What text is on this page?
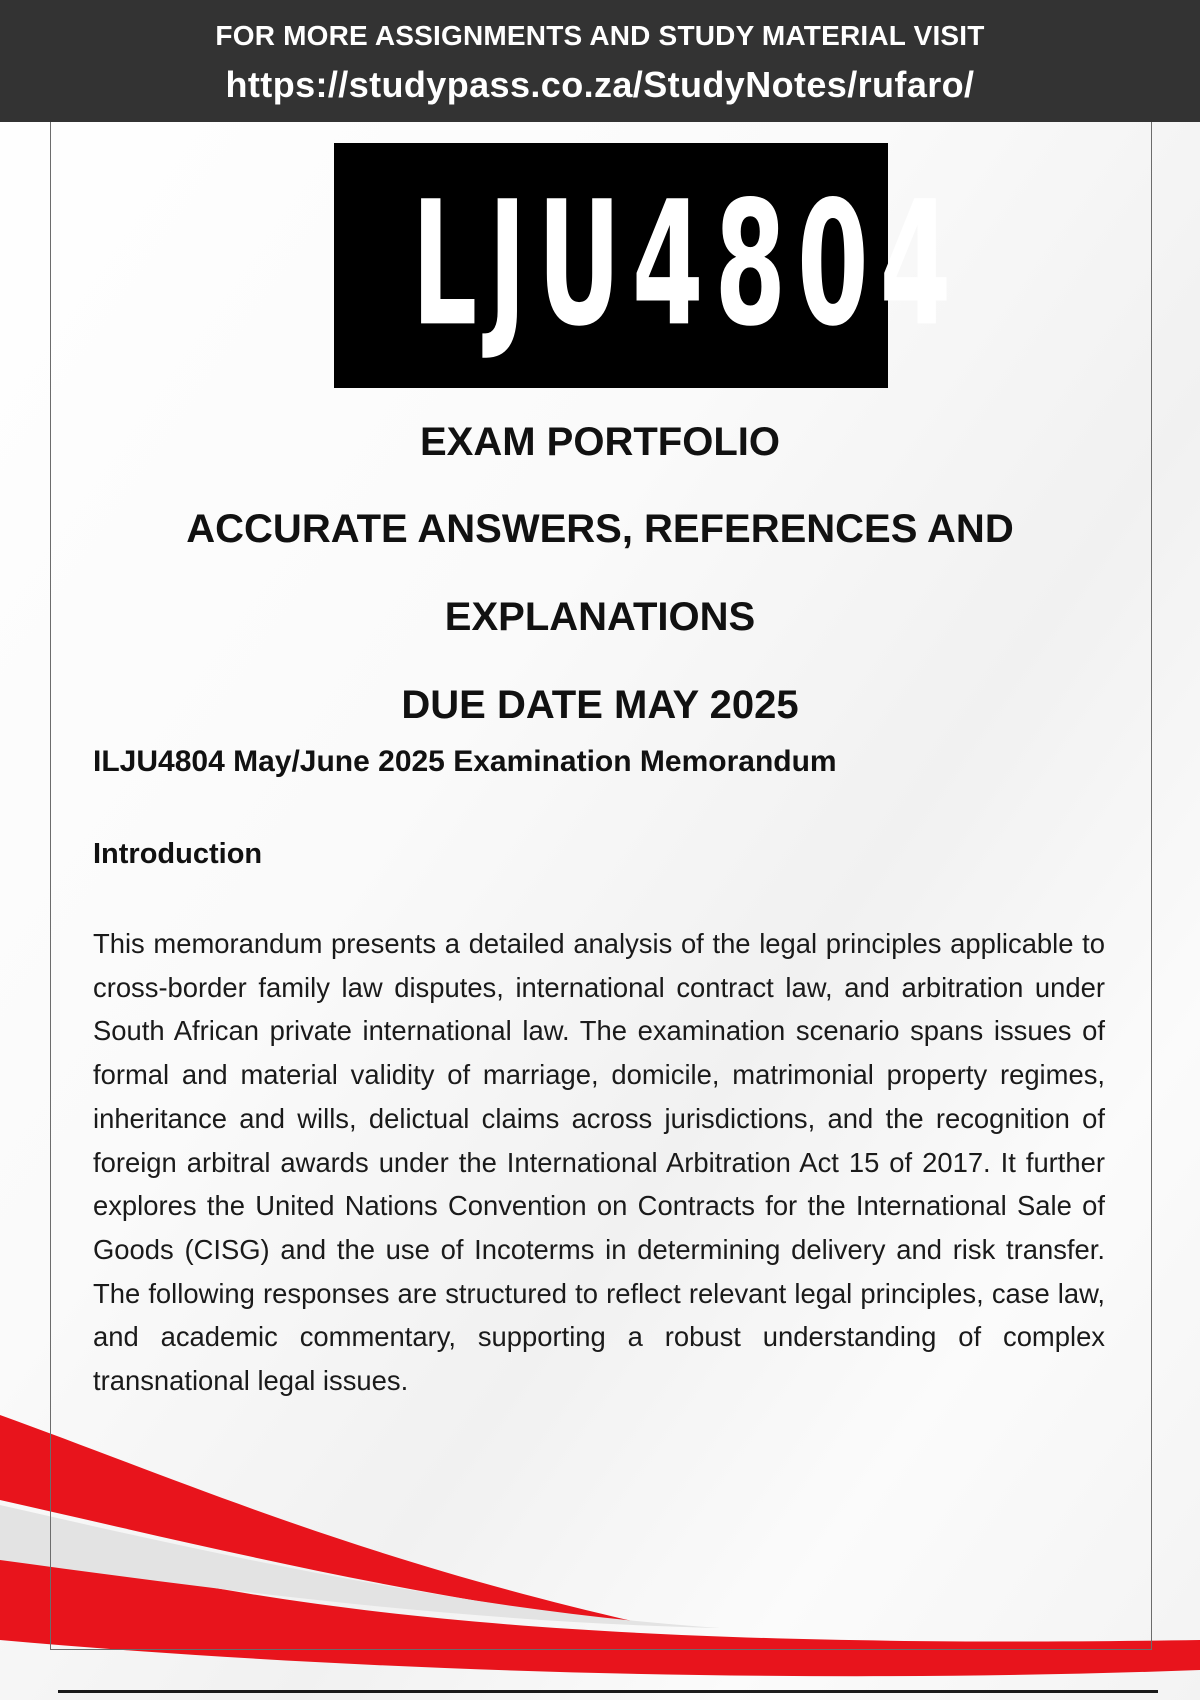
FOR MORE ASSIGNMENTS AND STUDY MATERIAL VISIT
https://studypass.co.za/StudyNotes/rufaro/
LJU4804
EXAM PORTFOLIO
ACCURATE ANSWERS, REFERENCES AND
EXPLANATIONS
DUE DATE MAY 2025
ILJU4804 May/June 2025 Examination Memorandum
Introduction
This memorandum presents a detailed analysis of the legal principles applicable to cross-border family law disputes, international contract law, and arbitration under South African private international law. The examination scenario spans issues of formal and material validity of marriage, domicile, matrimonial property regimes, inheritance and wills, delictual claims across jurisdictions, and the recognition of foreign arbitral awards under the International Arbitration Act 15 of 2017. It further explores the United Nations Convention on Contracts for the International Sale of Goods (CISG) and the use of Incoterms in determining delivery and risk transfer. The following responses are structured to reflect relevant legal principles, case law, and academic commentary, supporting a robust understanding of complex transnational legal issues.
